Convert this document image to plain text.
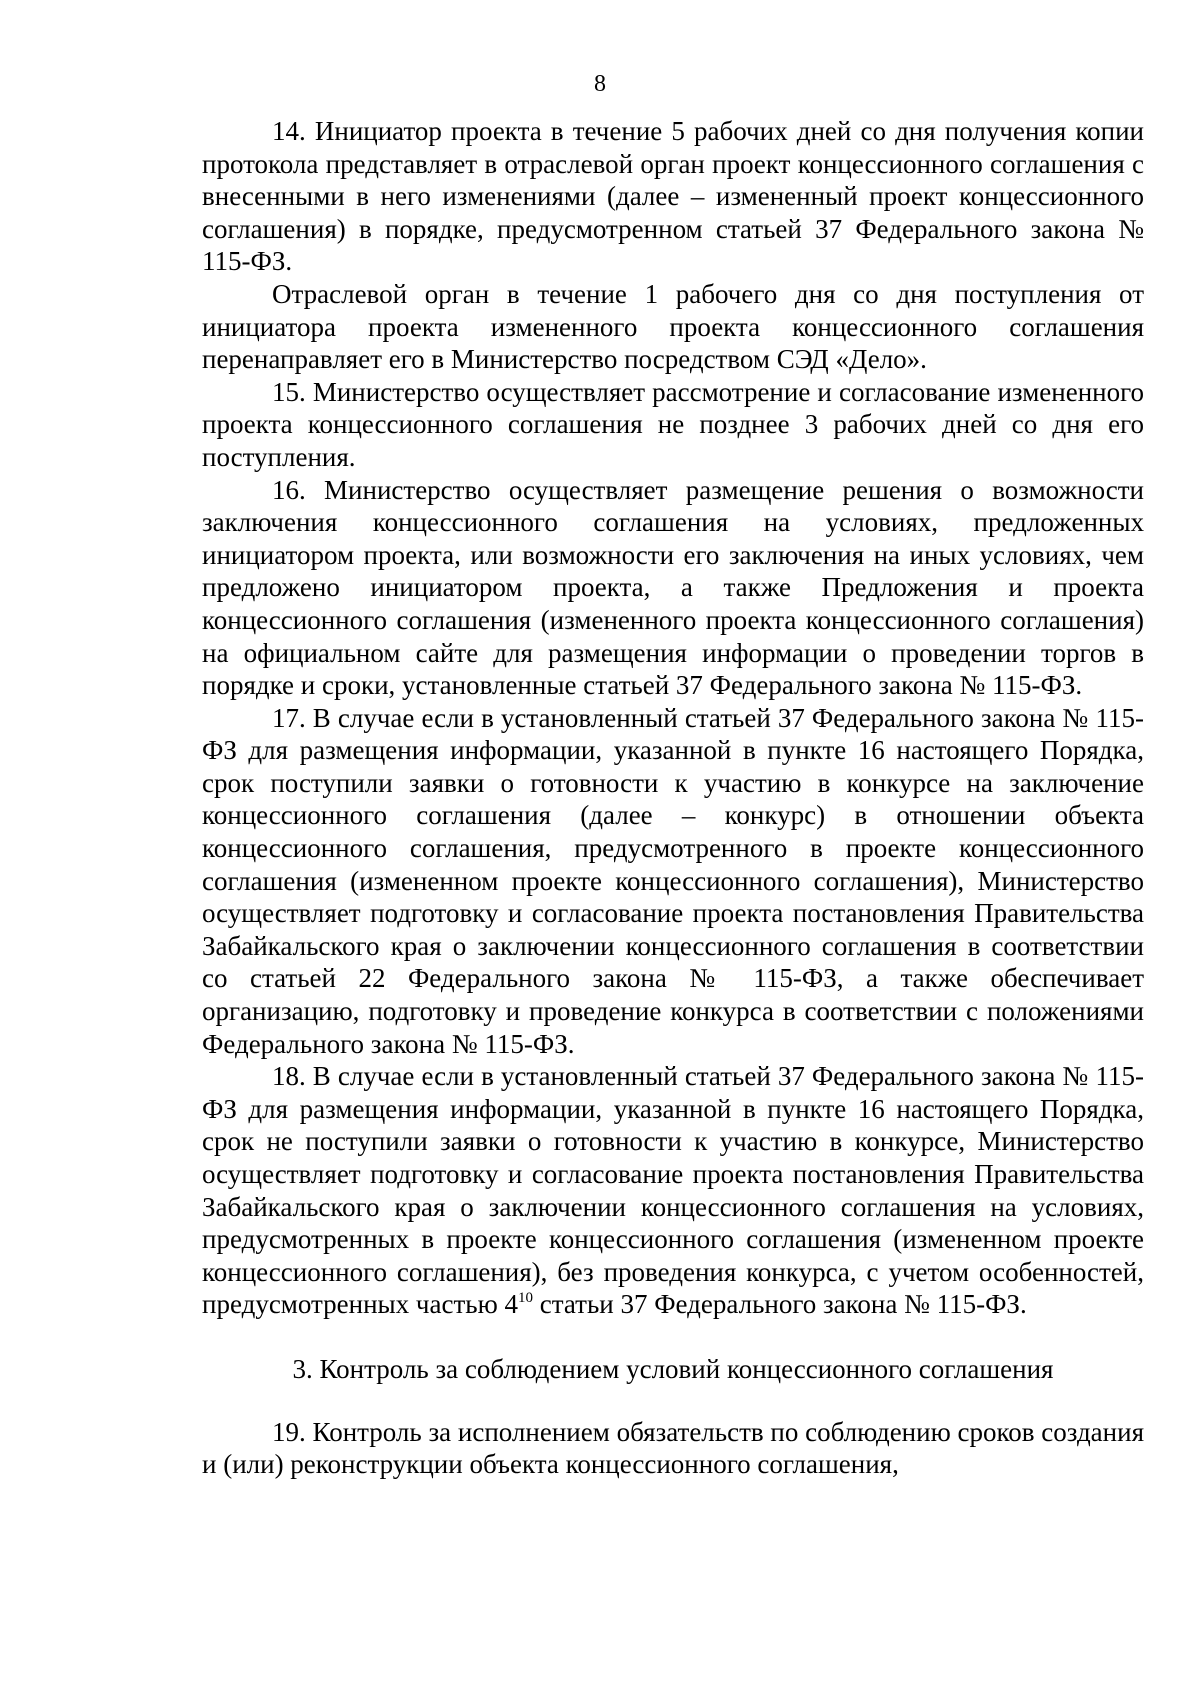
8

14. Инициатор проекта в течение 5 рабочих дней со дня получения копии протокола представляет в отраслевой орган проект концессионного соглашения с внесенными в него изменениями (далее – измененный проект концессионного соглашения) в порядке, предусмотренном статьей 37 Федерального закона № 115-ФЗ.

Отраслевой орган в течение 1 рабочего дня со дня поступления от инициатора проекта измененного проекта концессионного соглашения перенаправляет его в Министерство посредством СЭД «Дело».

15. Министерство осуществляет рассмотрение и согласование измененного проекта концессионного соглашения не позднее 3 рабочих дней со дня его поступления.

16. Министерство осуществляет размещение решения о возможности заключения концессионного соглашения на условиях, предложенных инициатором проекта, или возможности его заключения на иных условиях, чем предложено инициатором проекта, а также Предложения и проекта концессионного соглашения (измененного проекта концессионного соглашения) на официальном сайте для размещения информации о проведении торгов в порядке и сроки, установленные статьей 37 Федерального закона № 115-ФЗ.

17. В случае если в установленный статьей 37 Федерального закона № 115-ФЗ для размещения информации, указанной в пункте 16 настоящего Порядка, срок поступили заявки о готовности к участию в конкурсе на заключение концессионного соглашения (далее – конкурс) в отношении объекта концессионного соглашения, предусмотренного в проекте концессионного соглашения (измененном проекте концессионного соглашения), Министерство осуществляет подготовку и согласование проекта постановления Правительства Забайкальского края о заключении концессионного соглашения в соответствии со статьей 22 Федерального закона № 115-ФЗ, а также обеспечивает организацию, подготовку и проведение конкурса в соответствии с положениями Федерального закона № 115-ФЗ.

18. В случае если в установленный статьей 37 Федерального закона № 115-ФЗ для размещения информации, указанной в пункте 16 настоящего Порядка, срок не поступили заявки о готовности к участию в конкурсе, Министерство осуществляет подготовку и согласование проекта постановления Правительства Забайкальского края о заключении концессионного соглашения на условиях, предусмотренных в проекте концессионного соглашения (измененном проекте концессионного соглашения), без проведения конкурса, с учетом особенностей, предусмотренных частью $4^{10}$ статьи 37 Федерального закона № 115-ФЗ.

3. Контроль за соблюдением условий концессионного соглашения

19. Контроль за исполнением обязательств по соблюдению сроков создания и (или) реконструкции объекта концессионного соглашения,
